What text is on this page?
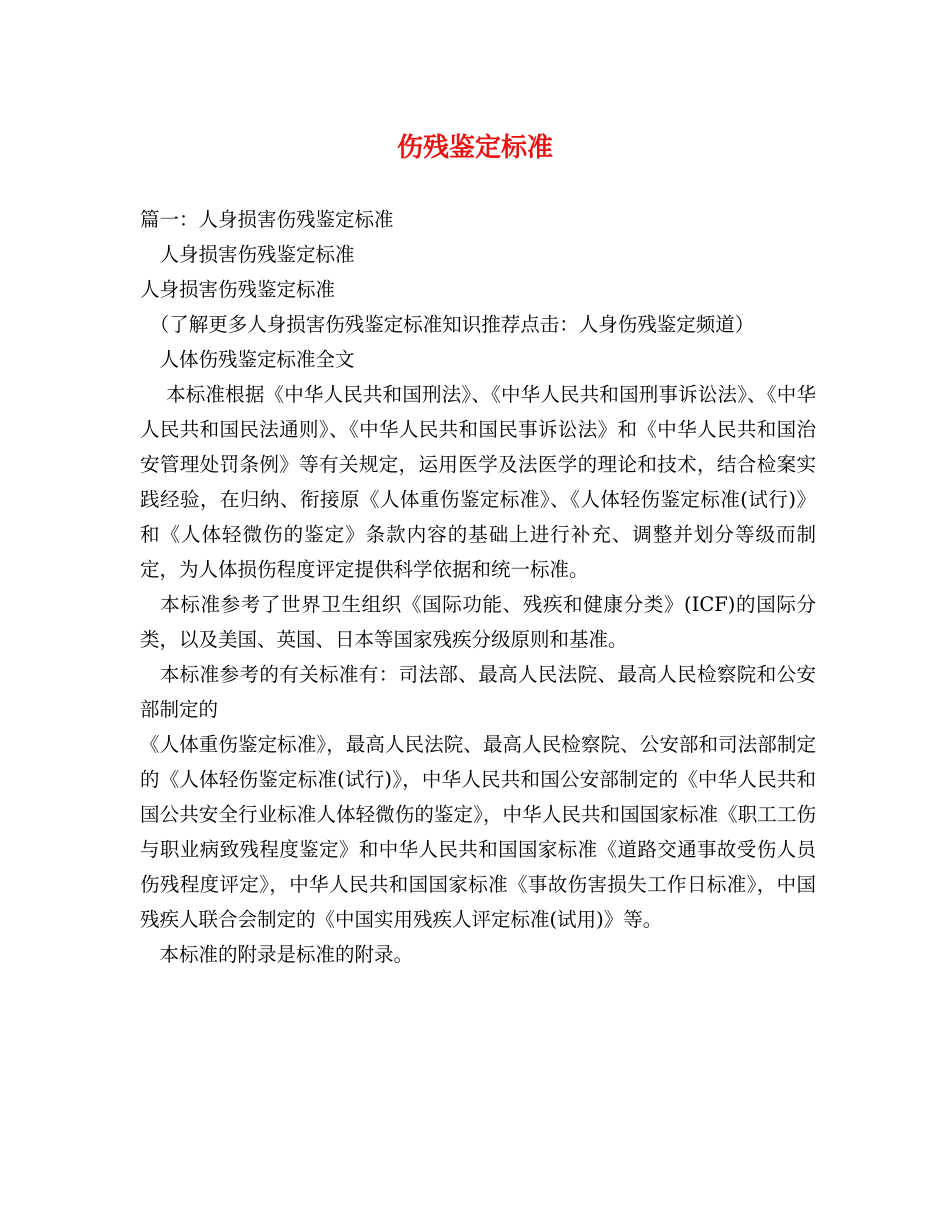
伤残鉴定标准

篇一：人身损害伤残鉴定标准

　人身损害伤残鉴定标准

人身损害伤残鉴定标准

　（了解更多人身损害伤残鉴定标准知识推荐点击：人身伤残鉴定频道）

　人体伤残鉴定标准全文

　 本标准根据《中华人民共和国刑法》、《中华人民共和国刑事诉讼法》、《中华人民共和国民法通则》、《中华人民共和国民事诉讼法》和《中华人民共和国治安管理处罚条例》等有关规定，运用医学及法医学的理论和技术，结合检案实践经验，在归纳、衔接原《人体重伤鉴定标准》、《人体轻伤鉴定标准(试行)》和《人体轻微伤的鉴定》条款内容的基础上进行补充、调整并划分等级而制定，为人体损伤程度评定提供科学依据和统一标准。

　本标准参考了世界卫生组织《国际功能、残疾和健康分类》(ICF)的国际分类，以及美国、英国、日本等国家残疾分级原则和基准。

　本标准参考的有关标准有：司法部、最高人民法院、最高人民检察院和公安部制定的

《人体重伤鉴定标准》，最高人民法院、最高人民检察院、公安部和司法部制定的《人体轻伤鉴定标准(试行)》，中华人民共和国公安部制定的《中华人民共和国公共安全行业标准人体轻微伤的鉴定》，中华人民共和国国家标准《职工工伤与职业病致残程度鉴定》和中华人民共和国国家标准《道路交通事故受伤人员伤残程度评定》，中华人民共和国国家标准《事故伤害损失工作日标准》，中国残疾人联合会制定的《中国实用残疾人评定标准(试用)》等。

　本标准的附录是标准的附录。
